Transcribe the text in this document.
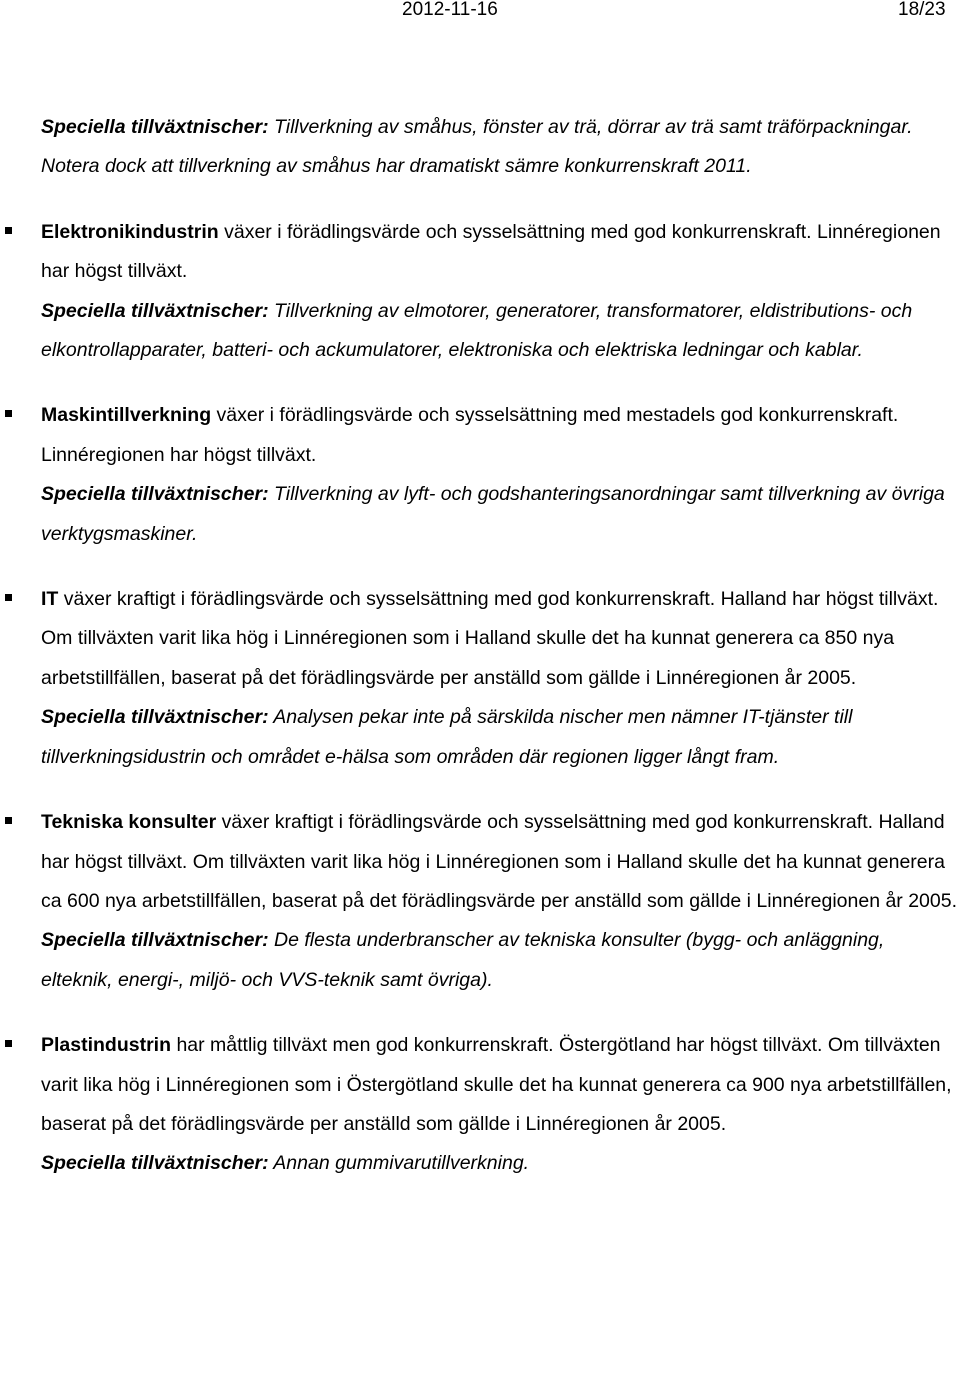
2012-11-16	18/23
Speciella tillväxtnischer: Tillverkning av småhus, fönster av trä, dörrar av trä samt träförpackningar. Notera dock att tillverkning av småhus har dramatiskt sämre konkurrenskraft 2011.
Elektronikindustrin växer i förädlingsvärde och sysselsättning med god konkurrenskraft. Linnéregionen har högst tillväxt.
Speciella tillväxtnischer: Tillverkning av elmotorer, generatorer, transformatorer, eldistributions- och elkontrollapparater, batteri- och ackumulatorer, elektroniska och elektriska ledningar och kablar.
Maskintillverkning växer i förädlingsvärde och sysselsättning med mestadels god konkurrenskraft. Linnéregionen har högst tillväxt.
Speciella tillväxtnischer: Tillverkning av lyft- och godshanteringsanordningar samt tillverkning av övriga verktygsmaskiner.
IT växer kraftigt i förädlingsvärde och sysselsättning med god konkurrenskraft. Halland har högst tillväxt. Om tillväxten varit lika hög i Linnéregionen som i Halland skulle det ha kunnat generera ca 850 nya arbetstillfällen, baserat på det förädlingsvärde per anställd som gällde i Linnéregionen år 2005.
Speciella tillväxtnischer: Analysen pekar inte på särskilda nischer men nämner IT-tjänster till tillverkningsidustrin och området e-hälsa som områden där regionen ligger långt fram.
Tekniska konsulter växer kraftigt i förädlingsvärde och sysselsättning med god konkurrenskraft. Halland har högst tillväxt. Om tillväxten varit lika hög i Linnéregionen som i Halland skulle det ha kunnat generera ca 600 nya arbetstillfällen, baserat på det förädlingsvärde per anställd som gällde i Linnéregionen år 2005.
Speciella tillväxtnischer: De flesta underbranscher av tekniska konsulter (bygg- och anläggning, elteknik, energi-, miljö- och VVS-teknik samt övriga).
Plastindustrin har måttlig tillväxt men god konkurrenskraft. Östergötland har högst tillväxt. Om tillväxten varit lika hög i Linnéregionen som i Östergötland skulle det ha kunnat generera ca 900 nya arbetstillfällen, baserat på det förädlingsvärde per anställd som gällde i Linnéregionen år 2005.
Speciella tillväxtnischer: Annan gummivarutillverkning.
